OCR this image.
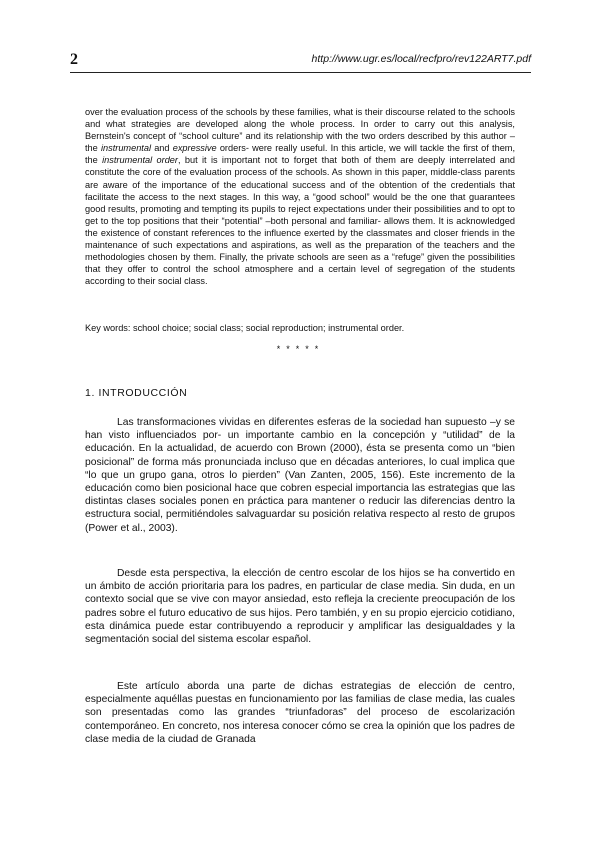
2	http://www.ugr.es/local/recfpro/rev122ART7.pdf

over the evaluation process of the schools by these families, what is their discourse related to the schools and what strategies are developed along the whole process. In order to carry out this analysis, Bernstein's concept of “school culture” and its relationship with the two orders described by this author –the instrumental and expressive orders- were really useful. In this article, we will tackle the first of them, the instrumental order, but it is important not to forget that both of them are deeply interrelated and constitute the core of the evaluation process of the schools. As shown in this paper, middle-class parents are aware of the importance of the educational success and of the obtention of the credentials that facilitate the access to the next stages. In this way, a “good school” would be the one that guarantees good results, promoting and tempting its pupils to reject expectations under their possibilities and to opt to get to the top positions that their “potential” –both personal and familiar- allows them. It is acknowledged the existence of constant references to the influence exerted by the classmates and closer friends in the maintenance of such expectations and aspirations, as well as the preparation of the teachers and the methodologies chosen by them. Finally, the private schools are seen as a “refuge” given the possibilities that they offer to control the school atmosphere and a certain level of segregation of the students according to their social class.

Key words: school choice; social class; social reproduction; instrumental order.

*****

1. INTRODUCCIÓN

Las transformaciones vividas en diferentes esferas de la sociedad han supuesto –y se han visto influenciados por- un importante cambio en la concepción y “utilidad” de la educación. En la actualidad, de acuerdo con Brown (2000), ésta se presenta como un “bien posicional” de forma más pronunciada incluso que en décadas anteriores, lo cual implica que “lo que un grupo gana, otros lo pierden” (Van Zanten, 2005, 156). Este incremento de la educación como bien posicional hace que cobren especial importancia las estrategias que las distintas clases sociales ponen en práctica para mantener o reducir las diferencias dentro la estructura social, permitiéndoles salvaguardar su posición relativa respecto al resto de grupos (Power et al., 2003).

Desde esta perspectiva, la elección de centro escolar de los hijos se ha convertido en un ámbito de acción prioritaria para los padres, en particular de clase media. Sin duda, en un contexto social que se vive con mayor ansiedad, esto refleja la creciente preocupación de los padres sobre el futuro educativo de sus hijos. Pero también, y en su propio ejercicio cotidiano, esta dinámica puede estar contribuyendo a reproducir y amplificar las desigualdades y la segmentación social del sistema escolar español.

Este artículo aborda una parte de dichas estrategias de elección de centro, especialmente aquéllas puestas en funcionamiento por las familias de clase media, las cuales son presentadas como las grandes “triunfadoras” del proceso de escolarización contemporáneo. En concreto, nos interesa conocer cómo se crea la opinión que los padres de clase media de la ciudad de Granada
